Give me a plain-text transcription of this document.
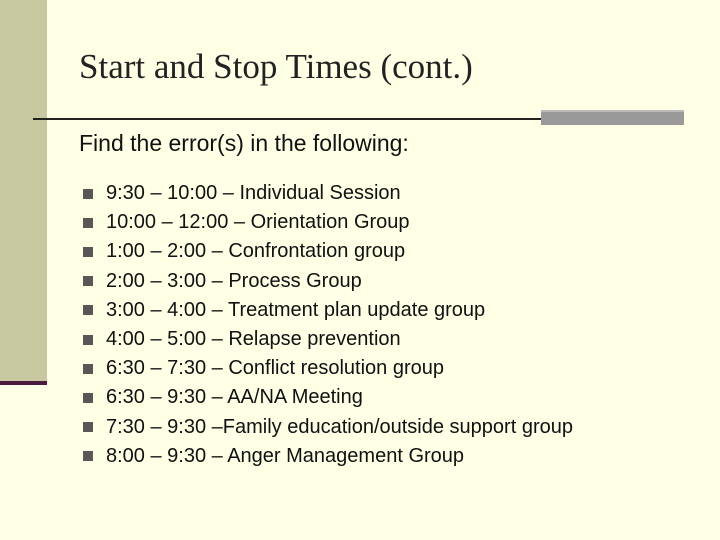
Start and Stop Times (cont.)
Find the error(s) in the following:
9:30 – 10:00 – Individual Session
10:00 – 12:00 – Orientation Group
1:00 – 2:00 – Confrontation group
2:00 – 3:00 – Process Group
3:00 – 4:00 – Treatment plan update group
4:00 – 5:00 – Relapse prevention
6:30 – 7:30 – Conflict resolution group
6:30 – 9:30 – AA/NA Meeting
7:30 – 9:30 –Family education/outside support group
8:00 – 9:30 – Anger Management Group
